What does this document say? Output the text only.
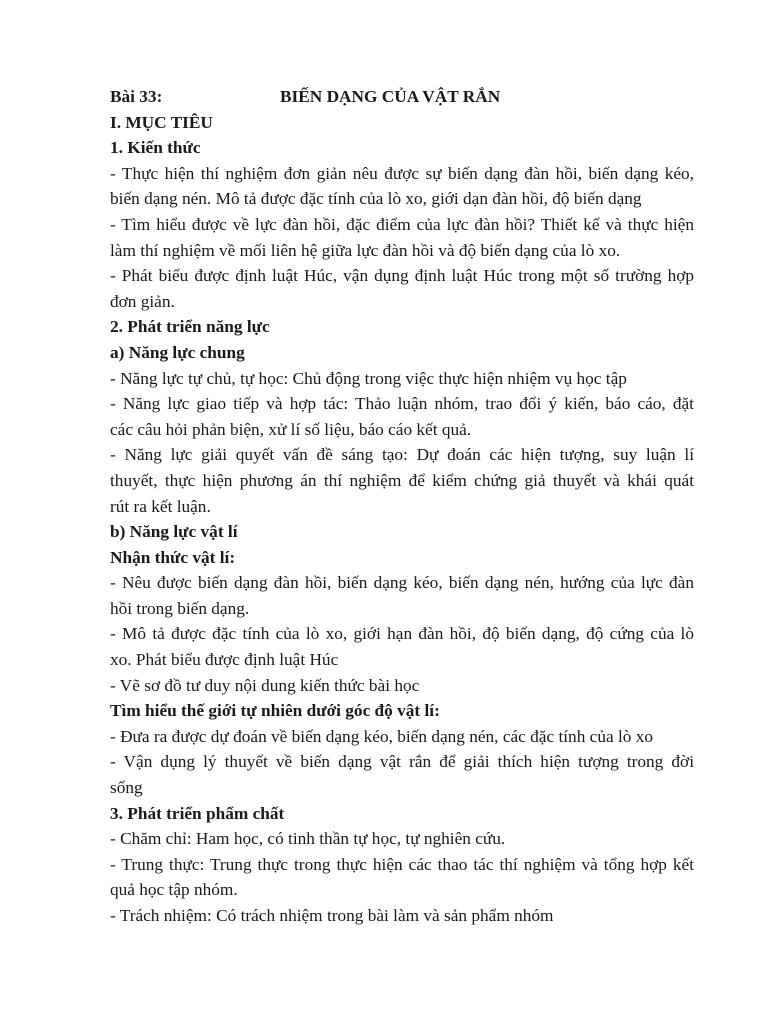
Bài 33:	BIẾN DẠNG CỦA VẬT RẮN
I. MỤC TIÊU
1. Kiến thức
- Thực hiện thí nghiệm đơn giản nêu được sự biến dạng đàn hồi, biến dạng kéo,
biến dạng nén. Mô tả được đặc tính của lò xo, giới dạn đàn hồi, độ biến dạng
- Tìm hiểu được về lực đàn hồi, đặc điểm của lực đàn hồi? Thiết kế và thực hiện
làm thí nghiệm về mối liên hệ giữa lực đàn hồi và độ biến dạng của lò xo.
- Phát biểu được định luật Húc, vận dụng định luật Húc trong một số trường hợp
đơn giản.
2. Phát triển năng lực
a) Năng lực chung
- Năng lực tự chủ, tự học: Chủ động trong việc thực hiện nhiệm vụ học tập
- Năng lực giao tiếp và hợp tác: Thảo luận nhóm, trao đổi ý kiến, báo cáo, đặt
các câu hỏi phản biện, xử lí số liệu, báo cáo kết quả.
- Năng lực giải quyết vấn đề sáng tạo: Dự đoán các hiện tượng, suy luận lí
thuyết, thực hiện phương án thí nghiệm để kiểm chứng giả thuyết và khái quát
rút ra kết luận.
b) Năng lực vật lí
Nhận thức vật lí:
- Nêu được biến dạng đàn hồi, biến dạng kéo, biến dạng nén, hướng của lực đàn
hồi trong biến dạng.
- Mô tả được đặc tính của lò xo, giới hạn đàn hồi, độ biến dạng, độ cứng của lò
xo. Phát biểu được định luật Húc
- Vẽ sơ đồ tư duy nội dung kiến thức bài học
Tìm hiểu thế giới tự nhiên dưới góc độ vật lí:
- Đưa ra được dự đoán về biến dạng kéo, biến dạng nén, các đặc tính của lò xo
- Vận dụng lý thuyết về biến dạng vật rắn để giải thích hiện tượng trong đời
sống
3. Phát triển phẩm chất
- Chăm chỉ: Ham học, có tinh thần tự học, tự nghiên cứu.
- Trung thực: Trung thực trong thực hiện các thao tác thí nghiệm và tổng hợp kết
quả học tập nhóm.
- Trách nhiệm: Có trách nhiệm trong bài làm và sản phẩm nhóm
